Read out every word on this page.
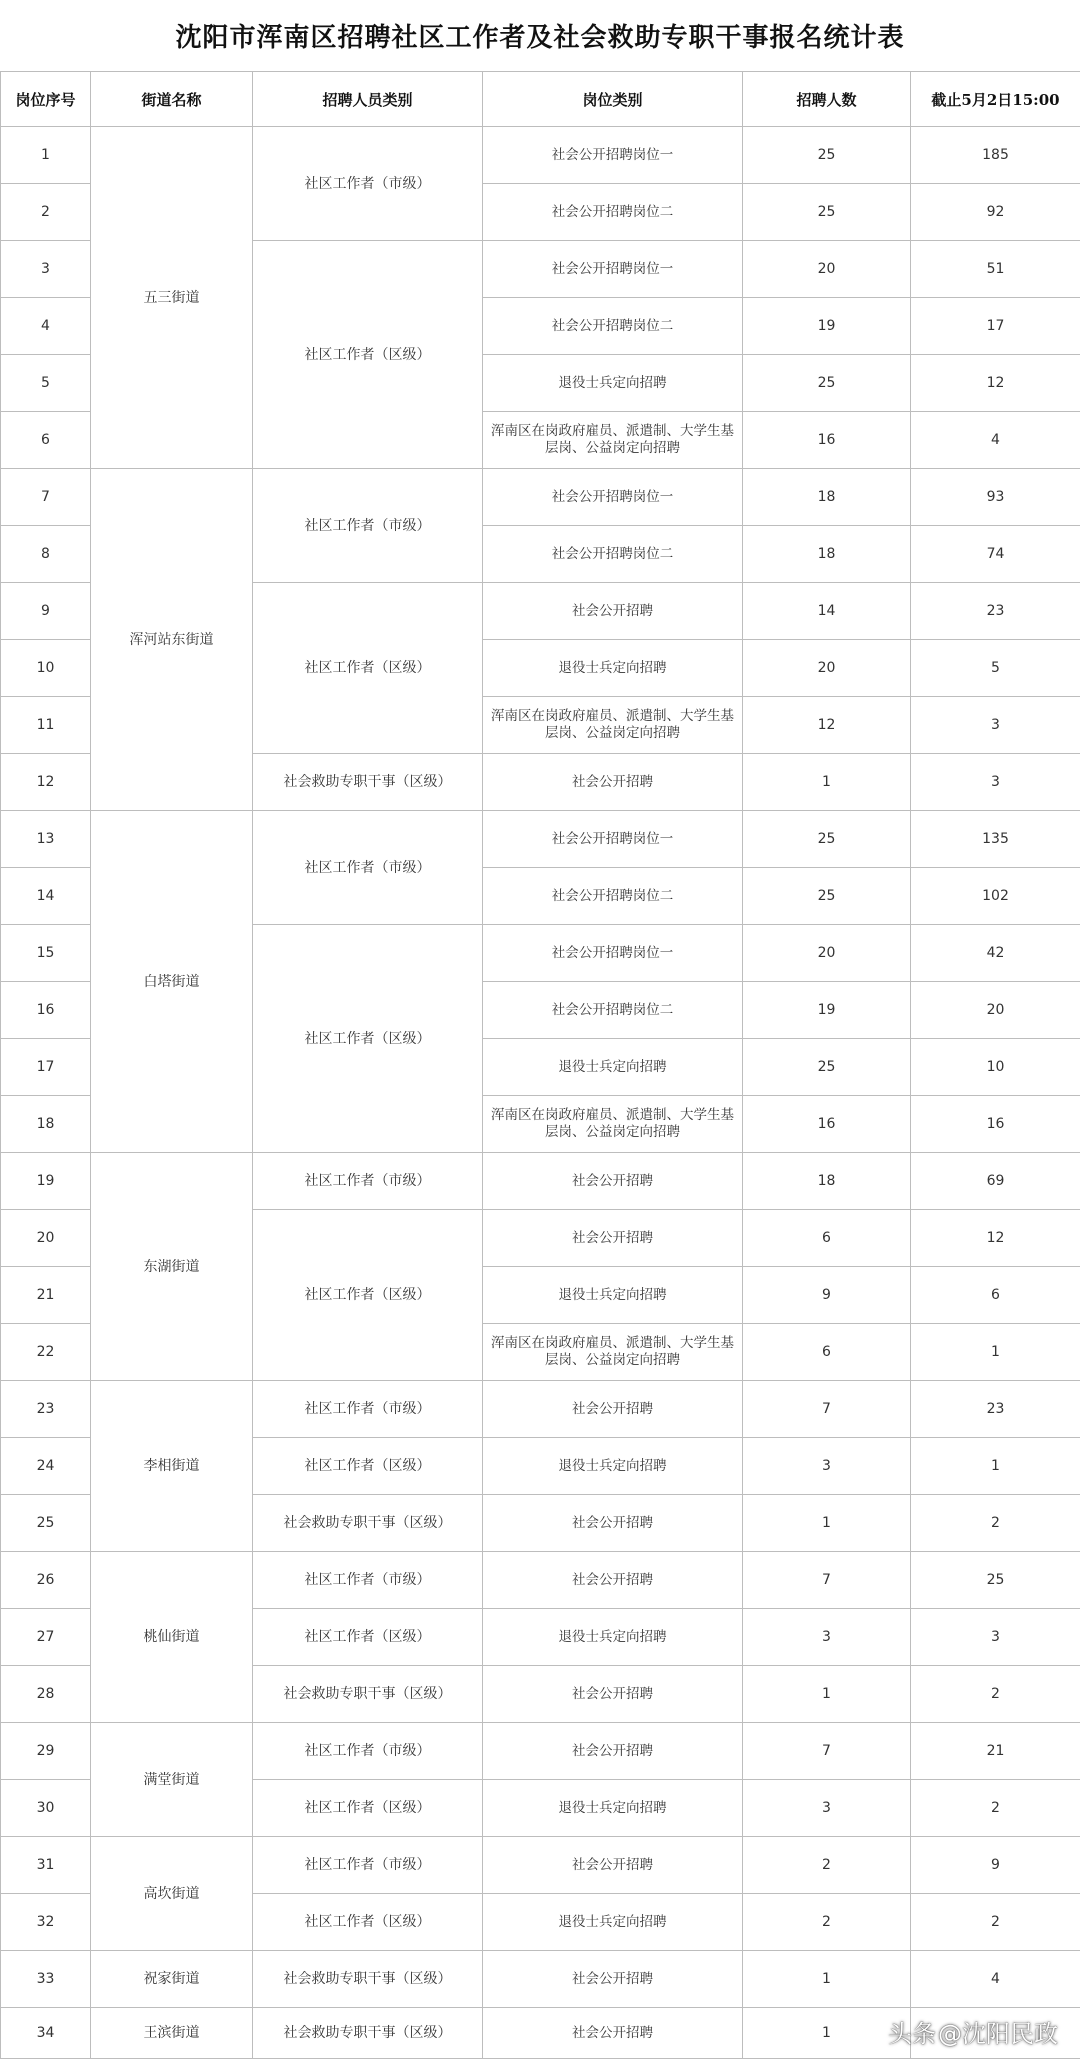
沈阳市浑南区招聘社区工作者及社会救助专职干事报名统计表
岗位序号	街道名称	招聘人员类别	岗位类别	招聘人数	截止5月2日15:00
1	五三街道	社区工作者（市级）	社会公开招聘岗位一	25	185
2			社会公开招聘岗位二	25	92
3		社区工作者（区级）	社会公开招聘岗位一	20	51
4			社会公开招聘岗位二	19	17
5			退役士兵定向招聘	25	12
6			浑南区在岗政府雇员、派遣制、大学生基层岗、公益岗定向招聘	16	4
7	浑河站东街道	社区工作者（市级）	社会公开招聘岗位一	18	93
8			社会公开招聘岗位二	18	74
9		社区工作者（区级）	社会公开招聘	14	23
10			退役士兵定向招聘	20	5
11			浑南区在岗政府雇员、派遣制、大学生基层岗、公益岗定向招聘	12	3
12		社会救助专职干事（区级）	社会公开招聘	1	3
13	白塔街道	社区工作者（市级）	社会公开招聘岗位一	25	135
14			社会公开招聘岗位二	25	102
15		社区工作者（区级）	社会公开招聘岗位一	20	42
16			社会公开招聘岗位二	19	20
17			退役士兵定向招聘	25	10
18			浑南区在岗政府雇员、派遣制、大学生基层岗、公益岗定向招聘	16	16
19	东湖街道	社区工作者（市级）	社会公开招聘	18	69
20		社区工作者（区级）	社会公开招聘	6	12
21			退役士兵定向招聘	9	6
22			浑南区在岗政府雇员、派遣制、大学生基层岗、公益岗定向招聘	6	1
23	李相街道	社区工作者（市级）	社会公开招聘	7	23
24		社区工作者（区级）	退役士兵定向招聘	3	1
25		社会救助专职干事（区级）	社会公开招聘	1	2
26	桃仙街道	社区工作者（市级）	社会公开招聘	7	25
27		社区工作者（区级）	退役士兵定向招聘	3	3
28		社会救助专职干事（区级）	社会公开招聘	1	2
29	满堂街道	社区工作者（市级）	社会公开招聘	7	21
30		社区工作者（区级）	退役士兵定向招聘	3	2
31	高坎街道	社区工作者（市级）	社会公开招聘	2	9
32		社区工作者（区级）	退役士兵定向招聘	2	2
33	祝家街道	社会救助专职干事（区级）	社会公开招聘	1	4
34	王滨街道	社会救助专职干事（区级）	社会公开招聘	1	头条 @沈阳民政
